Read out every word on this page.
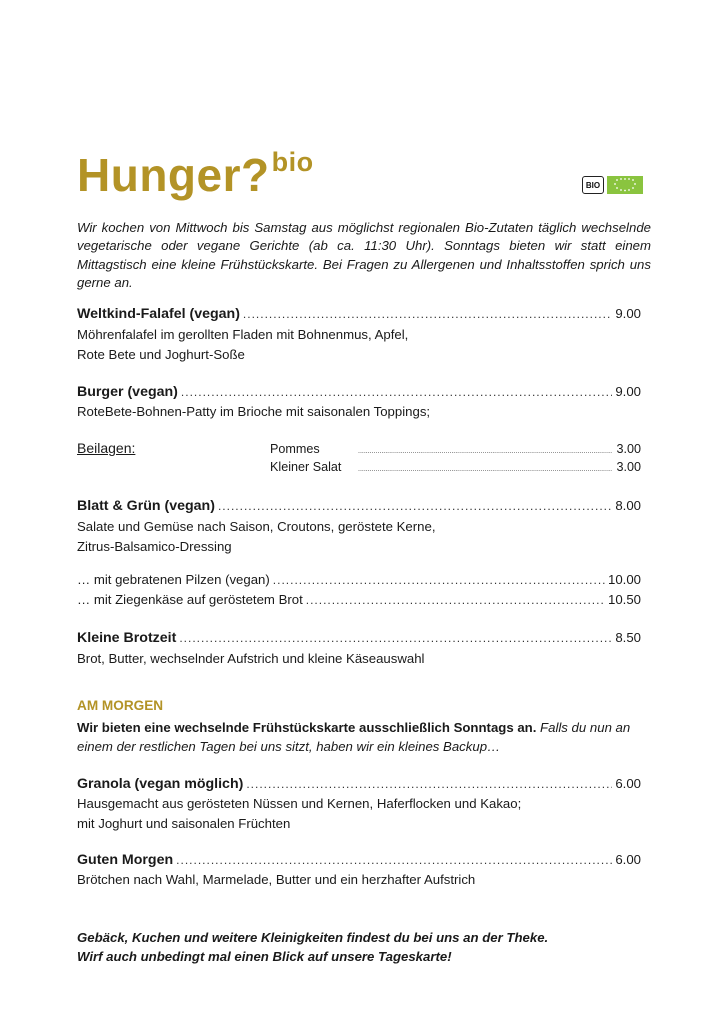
Hunger?$^{bio}$
BIO
Wir kochen von Mittwoch bis Samstag aus möglichst regionalen Bio-Zutaten täglich wechselnde vegetarische oder vegane Gerichte (ab ca. 11:30 Uhr). Sonntags bieten wir statt einem Mittagstisch eine kleine Frühstückskarte. Bei Fragen zu Allergenen und Inhaltsstoffen sprich uns gerne an.
Weltkind-Falafel (vegan) .....	9.00
Möhrenfalafel im gerollten Fladen mit Bohnenmus, Apfel,
Rote Bete und Joghurt-Soße
Burger (vegan) .....	9.00
RoteBete-Bohnen-Patty im Brioche mit saisonalen Toppings;
Beilagen:	Pommes .....	3.00
Kleiner Salat .....	3.00
Blatt & Grün (vegan) .....	8.00
Salate und Gemüse nach Saison, Croutons, geröstete Kerne,
Zitrus-Balsamico-Dressing
… mit gebratenen Pilzen (vegan) .....	10.00
… mit Ziegenkäse auf geröstetem Brot .....	10.50
Kleine Brotzeit .....	8.50
Brot, Butter, wechselnder Aufstrich und kleine Käseauswahl
AM MORGEN
Wir bieten eine wechselnde Frühstückskarte ausschließlich Sonntags an. Falls du nun an einem der restlichen Tagen bei uns sitzt, haben wir ein kleines Backup…
Granola (vegan möglich) .....	6.00
Hausgemacht aus gerösteten Nüssen und Kernen, Haferflocken und Kakao;
mit Joghurt und saisonalen Früchten
Guten Morgen .....	6.00
Brötchen nach Wahl, Marmelade, Butter und ein herzhafter Aufstrich
Gebäck, Kuchen und weitere Kleinigkeiten findest du bei uns an der Theke.
Wirf auch unbedingt mal einen Blick auf unsere Tageskarte!
